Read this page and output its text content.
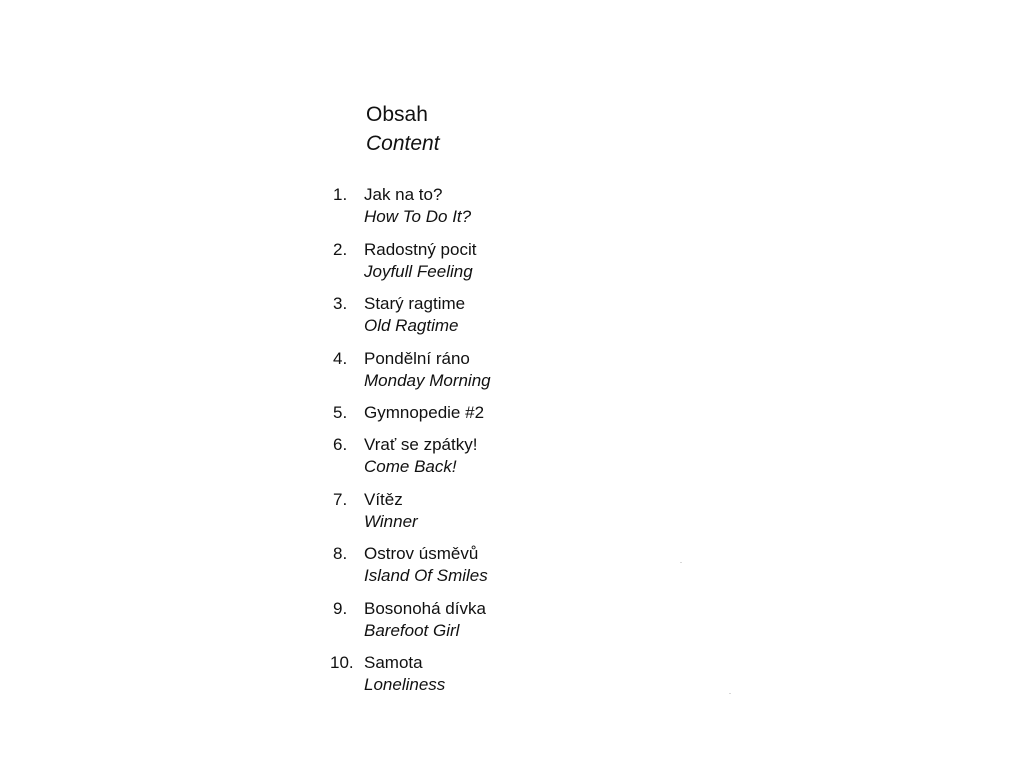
Obsah
Content
1. Jak na to?
How To Do It?
2. Radostný pocit
Joyfull Feeling
3. Starý ragtime
Old Ragtime
4. Pondělní ráno
Monday Morning
5. Gymnopedie #2
6. Vrať se zpátky!
Come Back!
7. Vítěz
Winner
8. Ostrov úsměvů
Island Of Smiles
9. Bosonohá dívka
Barefoot Girl
10. Samota
Loneliness
